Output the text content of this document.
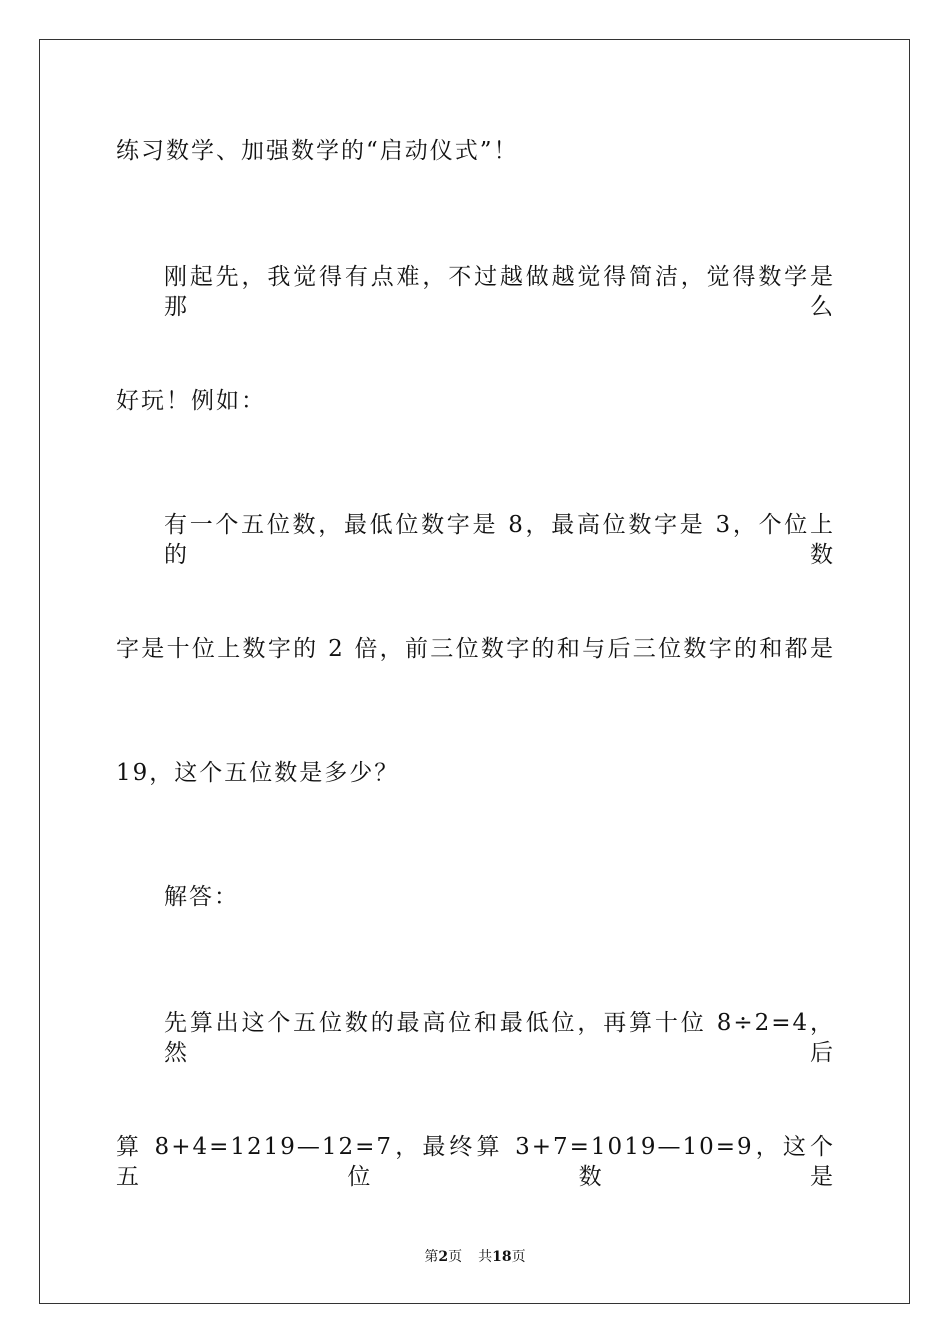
练习数学、加强数学的“启动仪式”！
刚起先，我觉得有点难，不过越做越觉得简洁，觉得数学是那么
好玩！例如：
有一个五位数，最低位数字是 8，最高位数字是 3，个位上的数
字是十位上数字的 2 倍，前三位数字的和与后三位数字的和都是
19，这个五位数是多少？
解答：
先算出这个五位数的最高位和最低位，再算十位 8÷2=4，然后
算 8+4=1219—12=7，最终算 3+7=1019—10=9，这个五位数是
第2页 共18页
